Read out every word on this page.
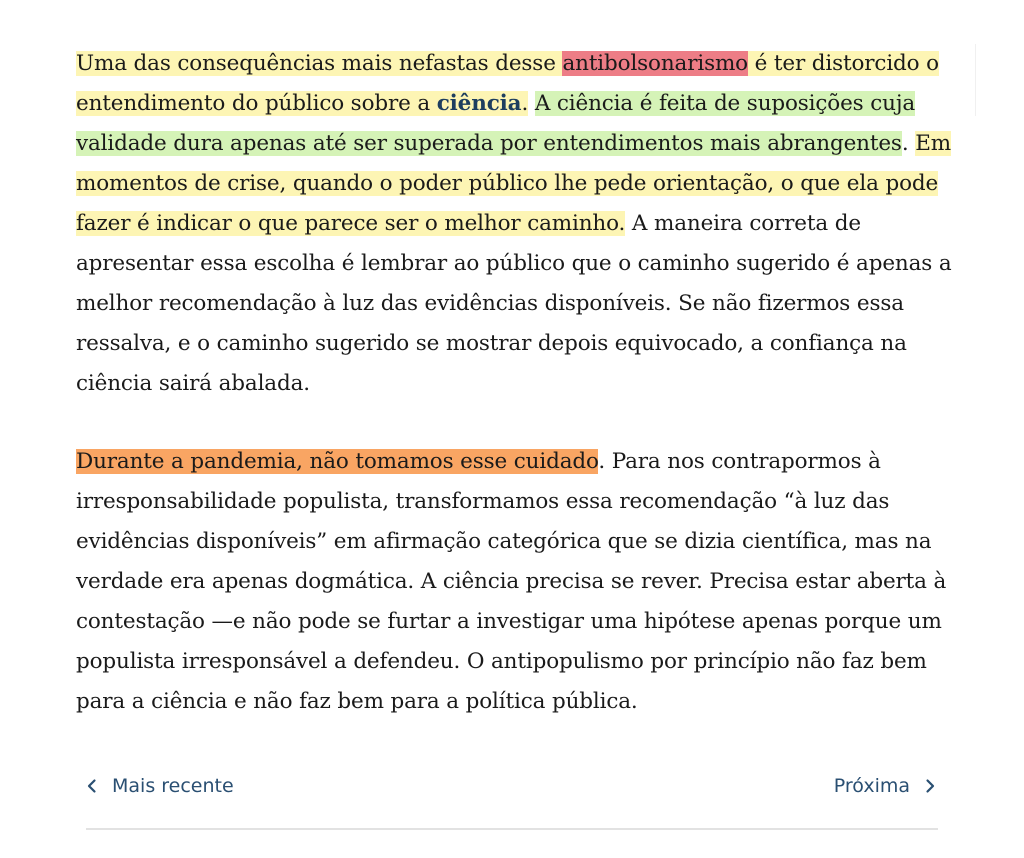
Uma das consequências mais nefastas desse antibolsonarismo é ter distorcido o entendimento do público sobre a ciência. A ciência é feita de suposições cuja validade dura apenas até ser superada por entendimentos mais abrangentes. Em momentos de crise, quando o poder público lhe pede orientação, o que ela pode fazer é indicar o que parece ser o melhor caminho. A maneira correta de apresentar essa escolha é lembrar ao público que o caminho sugerido é apenas a melhor recomendação à luz das evidências disponíveis. Se não fizermos essa ressalva, e o caminho sugerido se mostrar depois equivocado, a confiança na ciência sairá abalada.

Durante a pandemia, não tomamos esse cuidado. Para nos contrapormos à irresponsabilidade populista, transformamos essa recomendação “à luz das evidências disponíveis” em afirmação categórica que se dizia científica, mas na verdade era apenas dogmática. A ciência precisa se rever. Precisa estar aberta à contestação —e não pode se furtar a investigar uma hipótese apenas porque um populista irresponsável a defendeu. O antipopulismo por princípio não faz bem para a ciência e não faz bem para a política pública.

Mais recente	Próxima
